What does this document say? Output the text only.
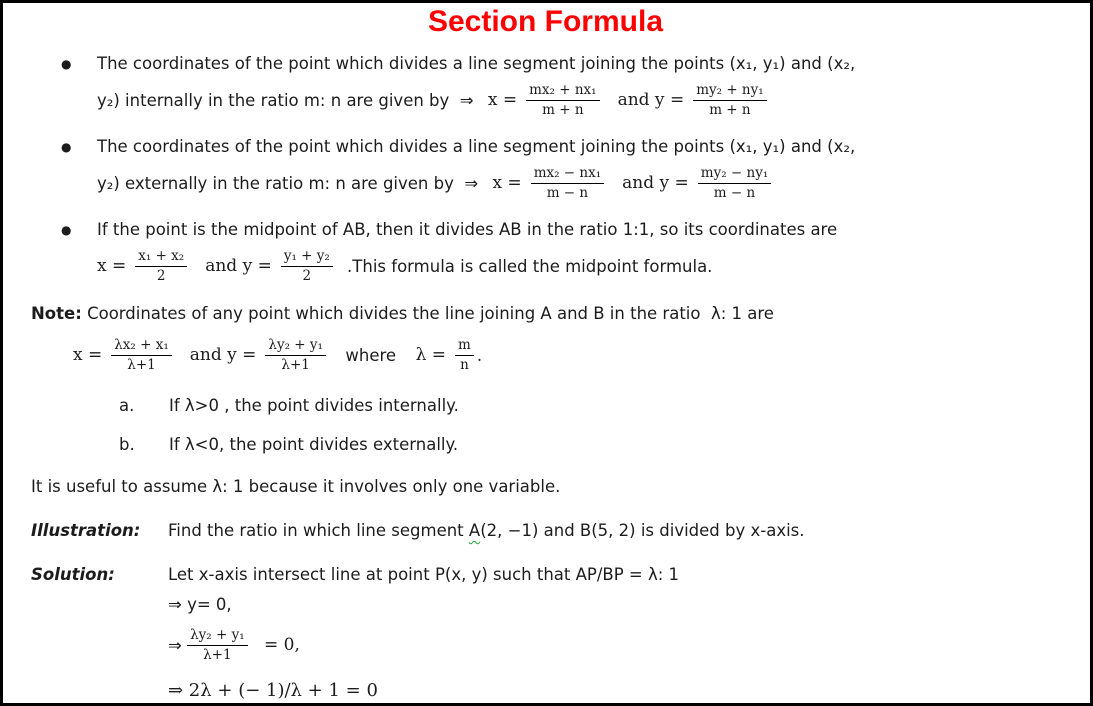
Section Formula
●	The coordinates of the point which divides a line segment joining the points (x₁, y₁) and (x₂,
y₂) internally in the ratio m: n are given by  ⇒ $x = \frac{\text{mx₂ + nx₁}}{m + n}$ and $y = \frac{\text{my₂ + ny₁}}{m + n}$
●	The coordinates of the point which divides a line segment joining the points (x₁, y₁) and (x₂,
y₂) externally in the ratio m: n are given by  ⇒ $x = \frac{\text{mx₂ − nx₁}}{m - n}$ and $y = \frac{\text{my₂ − ny₁}}{m - n}$
●	If the point is the midpoint of AB, then it divides AB in the ratio 1:1, so its coordinates are
$x = \frac{\text{x₁ + x₂}}{2}$ and $y = \frac{\text{y₁ + y₂}}{2}$ .This formula is called the midpoint formula.
Note: Coordinates of any point which divides the line joining A and B in the ratio  λ: 1 are
$x = \frac{\text{λx₂ + x₁}}{\lambda+1}$ and $y = \frac{\text{λy₂ + y₁}}{\lambda+1}$ where $\lambda = \frac{m}{n}$ .
a.	If λ>0 , the point divides internally.
b.	If λ<0, the point divides externally.
It is useful to assume λ: 1 because it involves only one variable.
Illustration:	Find the ratio in which line segment A(2, −1) and B(5, 2) is divided by x-axis.
Solution:	Let x-axis intersect line at point P(x, y) such that AP/BP = λ: 1
⇒ y= 0,
⇒ $\frac{\text{λy₂ + y₁}}{\lambda+1} = 0$,
⇒ 2λ + (− 1)/λ + 1 = 0
